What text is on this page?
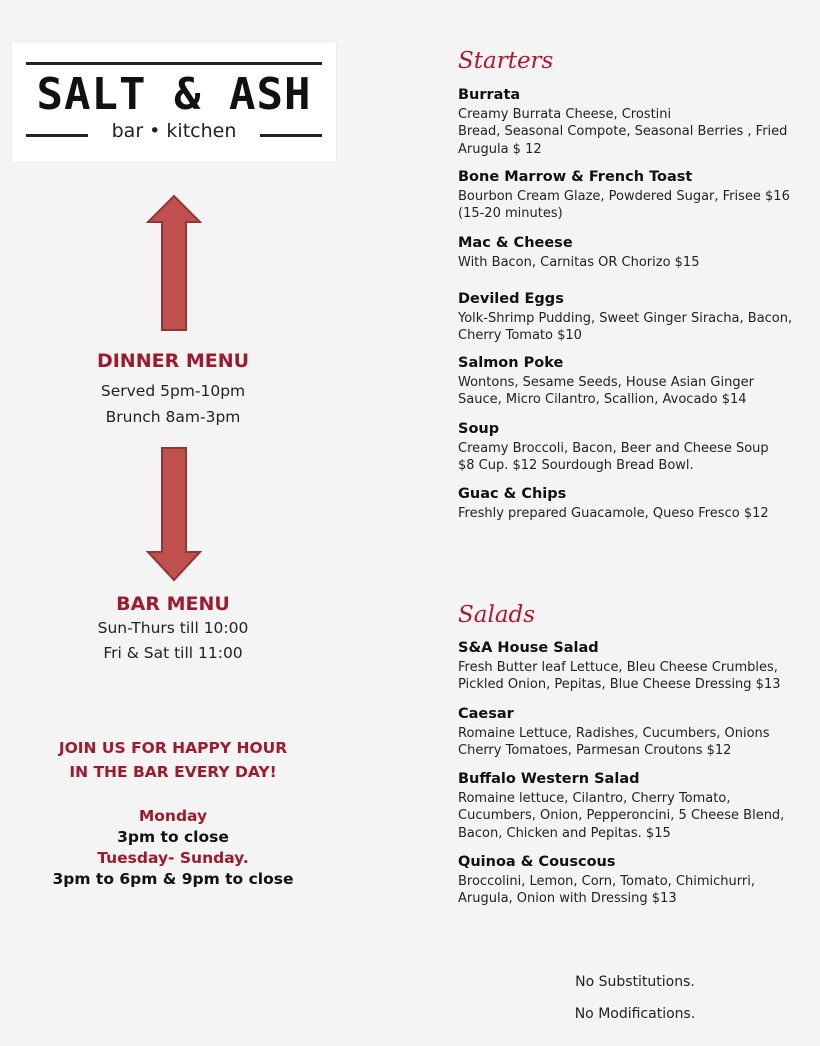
SALT & ASH
bar • kitchen
DINNER MENU
Served 5pm-10pm
Brunch 8am-3pm
BAR MENU
Sun-Thurs till 10:00
Fri & Sat till 11:00
JOIN US FOR HAPPY HOUR
IN THE BAR EVERY DAY!
Monday
3pm to close
Tuesday- Sunday.
3pm to 6pm & 9pm to close
Starters
Burrata
Creamy Burrata Cheese, Crostini
Bread, Seasonal Compote, Seasonal Berries , Fried
Arugula $ 12
Bone Marrow & French Toast
Bourbon Cream Glaze, Powdered Sugar, Frisee $16
(15-20 minutes)
Mac & Cheese
With Bacon, Carnitas OR Chorizo $15
Deviled Eggs
Yolk-Shrimp Pudding, Sweet Ginger Siracha, Bacon,
Cherry Tomato $10
Salmon Poke
Wontons, Sesame Seeds, House Asian Ginger
Sauce, Micro Cilantro, Scallion, Avocado $14
Soup
Creamy Broccoli, Bacon, Beer and Cheese Soup
$8 Cup. $12 Sourdough Bread Bowl.
Guac & Chips
Freshly prepared Guacamole, Queso Fresco $12
Salads
S&A House Salad
Fresh Butter leaf Lettuce, Bleu Cheese Crumbles,
Pickled Onion, Pepitas, Blue Cheese Dressing $13
Caesar
Romaine Lettuce, Radishes, Cucumbers, Onions
Cherry Tomatoes, Parmesan Croutons $12
Buffalo Western Salad
Romaine lettuce, Cilantro, Cherry Tomato,
Cucumbers, Onion, Pepperoncini, 5 Cheese Blend,
Bacon, Chicken and Pepitas. $15
Quinoa & Couscous
Broccolini, Lemon, Corn, Tomato, Chimichurri,
Arugula, Onion with Dressing $13
No Substitutions.
No Modifications.
